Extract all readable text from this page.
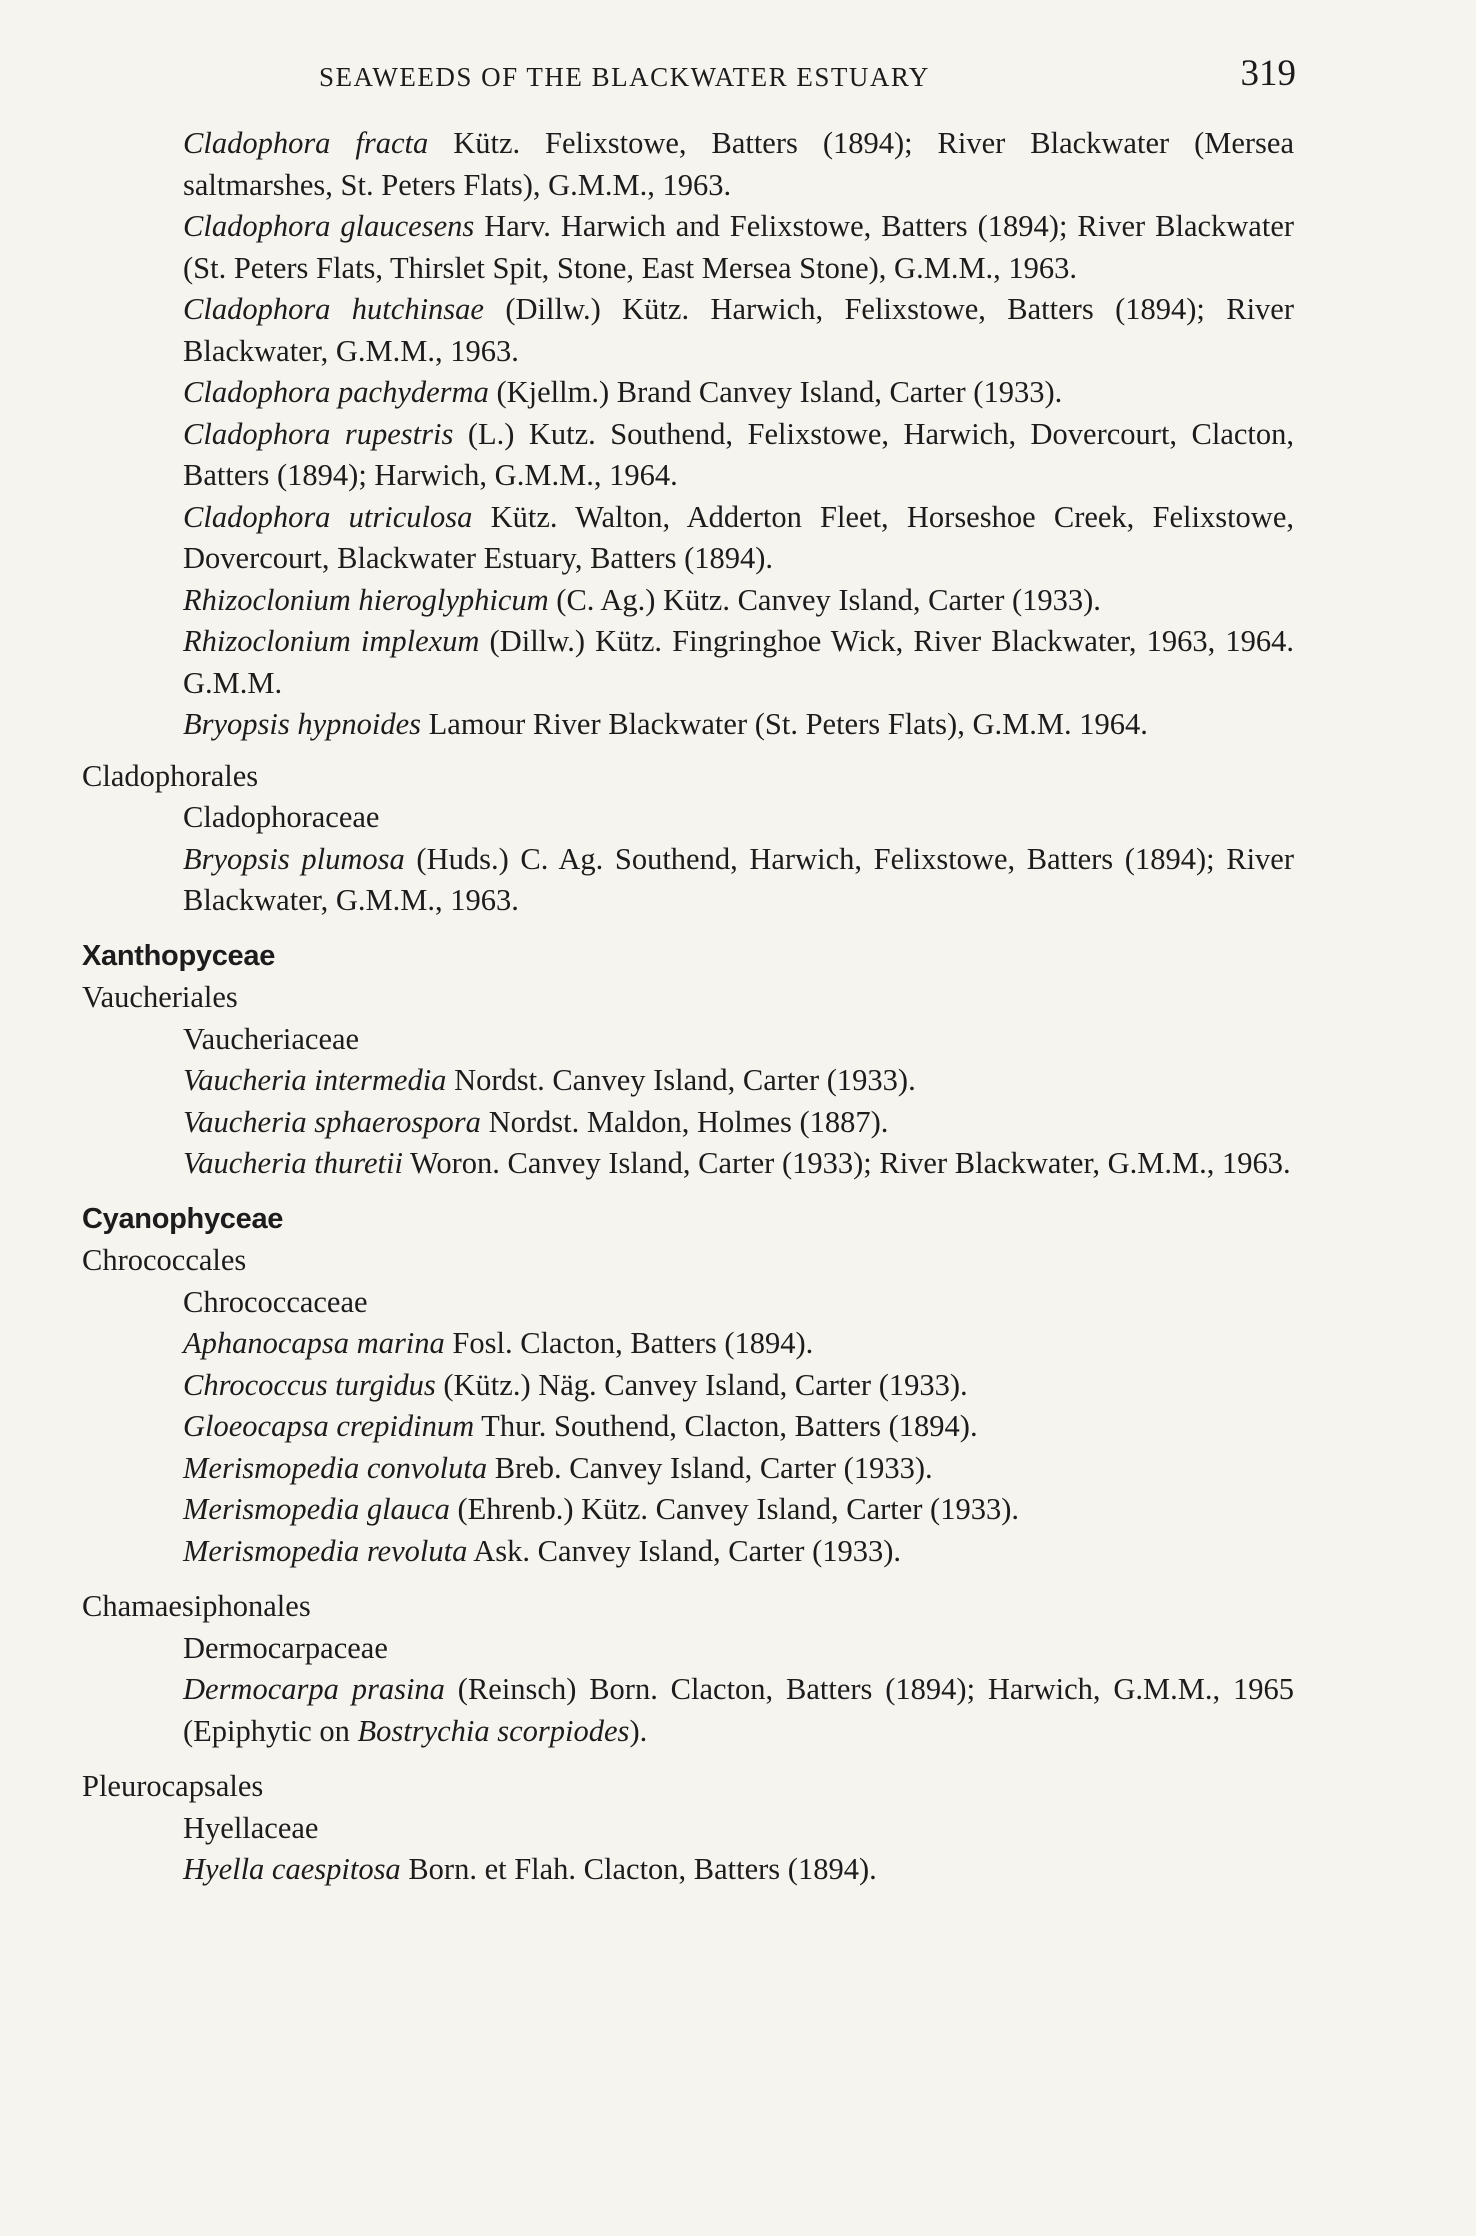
SEAWEEDS OF THE BLACKWATER ESTUARY	319
Cladophora fracta Kütz. Felixstowe, Batters (1894); River Blackwater (Mersea saltmarshes, St. Peters Flats), G.M.M., 1963.
Cladophora glaucesens Harv. Harwich and Felixstowe, Batters (1894); River Blackwater (St. Peters Flats, Thirslet Spit, Stone, East Mersea Stone), G.M.M., 1963.
Cladophora hutchinsae (Dillw.) Kütz. Harwich, Felixstowe, Batters (1894); River Blackwater, G.M.M., 1963.
Cladophora pachyderma (Kjellm.) Brand Canvey Island, Carter (1933).
Cladophora rupestris (L.) Kutz. Southend, Felixstowe, Harwich, Dovercourt, Clacton, Batters (1894); Harwich, G.M.M., 1964.
Cladophora utriculosa Kütz. Walton, Adderton Fleet, Horseshoe Creek, Felixstowe, Dovercourt, Blackwater Estuary, Batters (1894).
Rhizoclonium hieroglyphicum (C. Ag.) Kütz. Canvey Island, Carter (1933).
Rhizoclonium implexum (Dillw.) Kütz. Fingringhoe Wick, River Blackwater, 1963, 1964. G.M.M.
Bryopsis hypnoides Lamour River Blackwater (St. Peters Flats), G.M.M. 1964.
Cladophorales
Cladophoraceae
Bryopsis plumosa (Huds.) C. Ag. Southend, Harwich, Felixstowe, Batters (1894); River Blackwater, G.M.M., 1963.
Xanthopyceae
Vaucheriales
Vaucheriaceae
Vaucheria intermedia Nordst. Canvey Island, Carter (1933).
Vaucheria sphaerospora Nordst. Maldon, Holmes (1887).
Vaucheria thuretii Woron. Canvey Island, Carter (1933); River Blackwater, G.M.M., 1963.
Cyanophyceae
Chrococcales
Chrococcaceae
Aphanocapsa marina Fosl. Clacton, Batters (1894).
Chrococcus turgidus (Kütz.) Näg. Canvey Island, Carter (1933).
Gloeocapsa crepidinum Thur. Southend, Clacton, Batters (1894).
Merismopedia convoluta Breb. Canvey Island, Carter (1933).
Merismopedia glauca (Ehrenb.) Kütz. Canvey Island, Carter (1933).
Merismopedia revoluta Ask. Canvey Island, Carter (1933).
Chamaesiphonales
Dermocarpaceae
Dermocarpa prasina (Reinsch) Born. Clacton, Batters (1894); Harwich, G.M.M., 1965 (Epiphytic on Bostrychia scorpiodes).
Pleurocapsales
Hyellaceae
Hyella caespitosa Born. et Flah. Clacton, Batters (1894).
